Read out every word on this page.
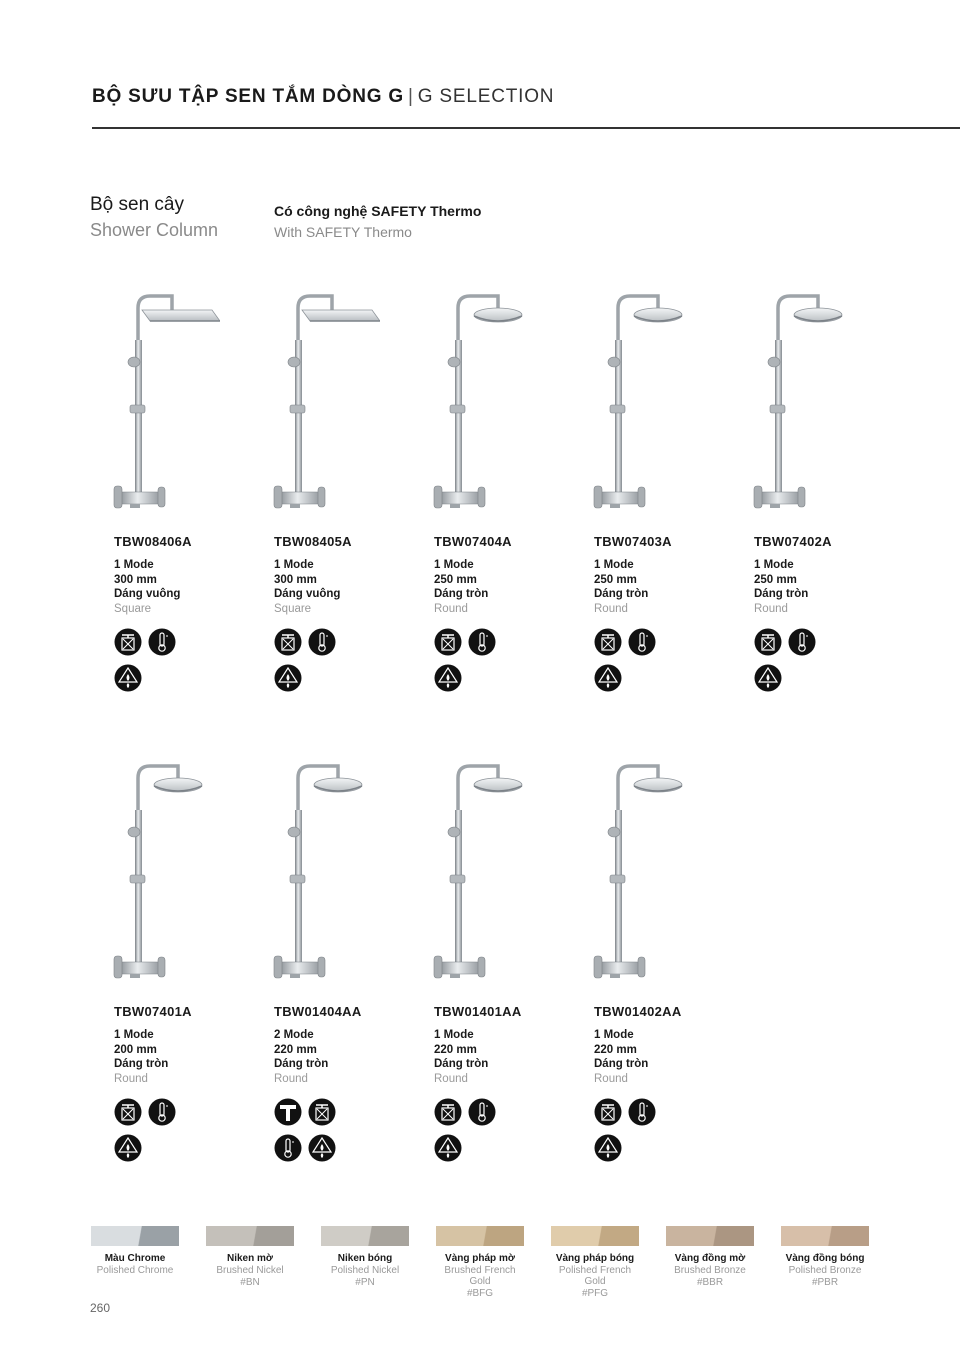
BỘ SƯU TẬP SEN TẮM DÒNG G | G SELECTION
Bộ sen cây
Shower Column
Có công nghệ SAFETY Thermo
With SAFETY Thermo
TBW08406A
1 Mode
300 mm
Dáng vuông
Square
TBW08405A
1 Mode
300 mm
Dáng vuông
Square
TBW07404A
1 Mode
250 mm
Dáng tròn
Round
TBW07403A
1 Mode
250 mm
Dáng tròn
Round
TBW07402A
1 Mode
250 mm
Dáng tròn
Round
TBW07401A
1 Mode
200 mm
Dáng tròn
Round
TBW01404AA
2 Mode
220 mm
Dáng tròn
Round
TBW01401AA
1 Mode
220 mm
Dáng tròn
Round
TBW01402AA
1 Mode
220 mm
Dáng tròn
Round
Màu Chrome
Polished Chrome
Niken mờ
Brushed Nickel
#BN
Niken bóng
Polished Nickel
#PN
Vàng pháp mờ
Brushed French Gold
#BFG
Vàng pháp bóng
Polished French Gold
#PFG
Vàng đồng mờ
Brushed Bronze
#BBR
Vàng đồng bóng
Polished Bronze
#PBR
260
